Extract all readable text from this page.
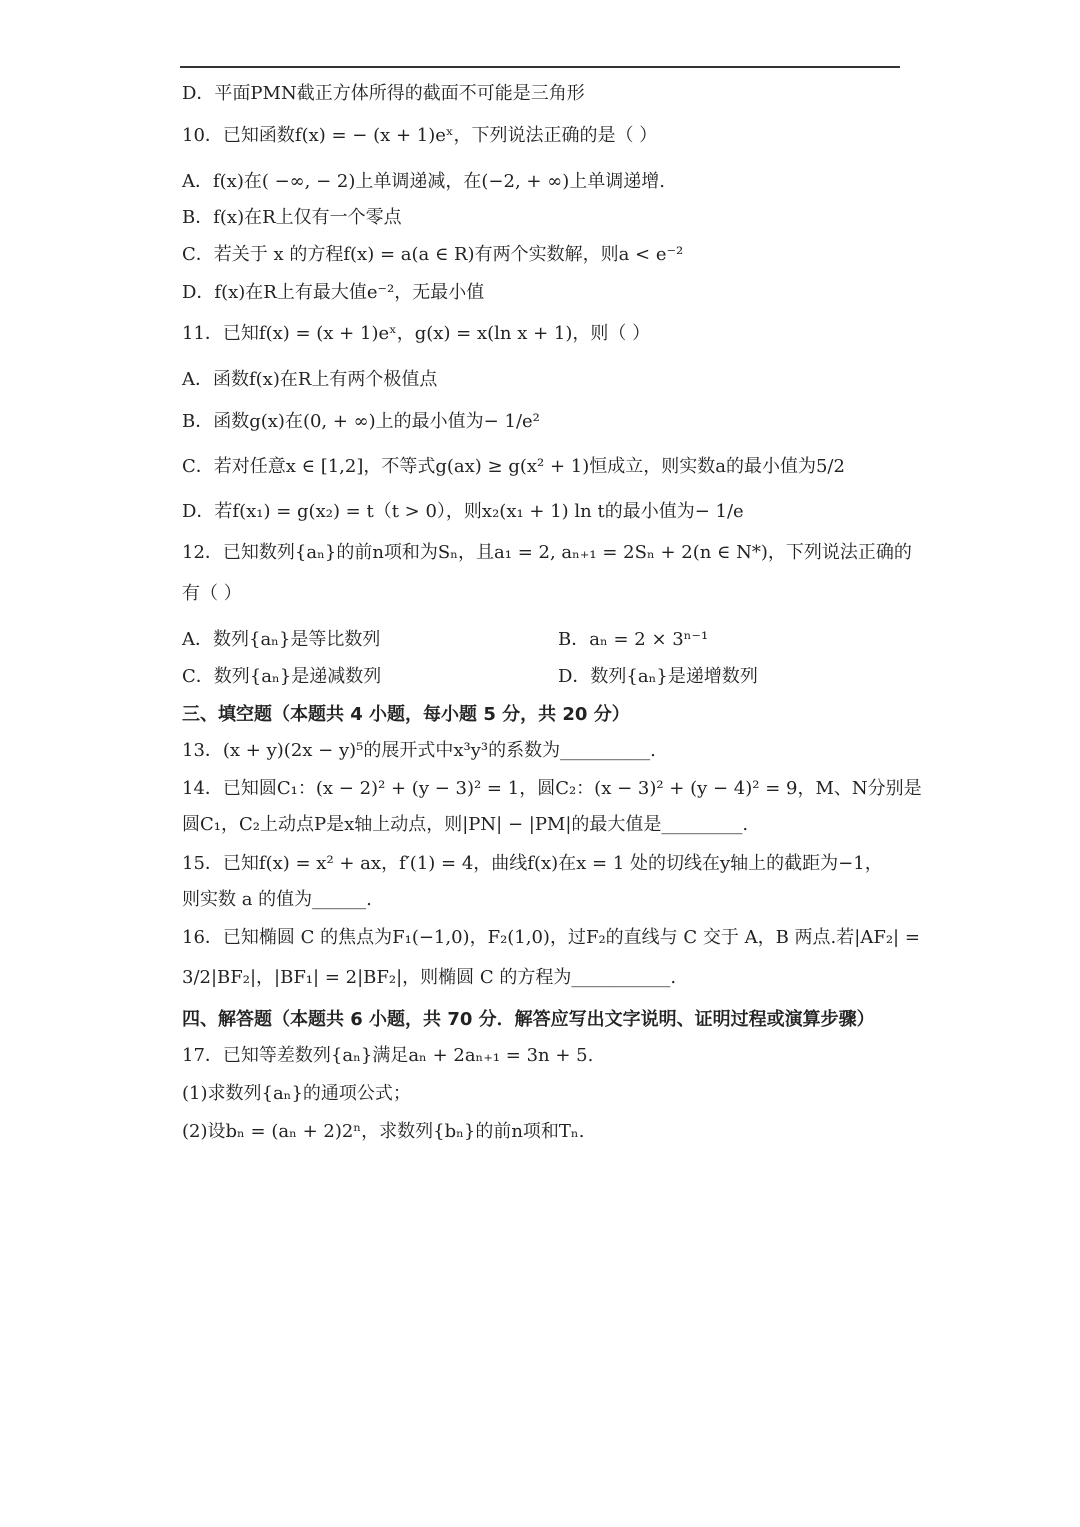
D．平面PMN截正方体所得的截面不可能是三角形
10．已知函数f(x) = − (x + 1)eˣ，下列说法正确的是（ ）
A．f(x)在( −∞, − 2)上单调递减，在(−2, + ∞)上单调递增.
B．f(x)在R上仅有一个零点
C．若关于 x 的方程f(x) = a(a ∈ R)有两个实数解，则a < e⁻²
D．f(x)在R上有最大值e⁻²，无最小值
11．已知f(x) = (x + 1)eˣ，g(x) = x(ln x + 1)，则（ ）
A．函数f(x)在R上有两个极值点
B．函数g(x)在(0, + ∞)上的最小值为− 1/e²
C．若对任意x ∈ [1,2]，不等式g(ax) ≥ g(x² + 1)恒成立，则实数a的最小值为5/2
D．若f(x₁) = g(x₂) = t（t > 0），则x₂(x₁ + 1) ln t的最小值为− 1/e
12．已知数列{aₙ}的前n项和为Sₙ，且a₁ = 2, aₙ₊₁ = 2Sₙ + 2(n ∈ N*)，下列说法正确的
有（ ）
A．数列{aₙ}是等比数列	B．aₙ = 2 × 3ⁿ⁻¹
C．数列{aₙ}是递减数列	D．数列{aₙ}是递增数列
三、填空题（本题共 4 小题，每小题 5 分，共 20 分）
13．(x + y)(2x − y)⁵的展开式中x³y³的系数为__________.
14．已知圆C₁：(x − 2)² + (y − 3)² = 1，圆C₂：(x − 3)² + (y − 4)² = 9，M、N分别是
圆C₁，C₂上动点P是x轴上动点，则|PN| − |PM|的最大值是_________.
15．已知f(x) = x² + ax，f′(1) = 4，曲线f(x)在x = 1 处的切线在y轴上的截距为−1，
则实数 a 的值为______.
16．已知椭圆 C 的焦点为F₁(−1,0)，F₂(1,0)，过F₂的直线与 C 交于 A，B 两点.若|AF₂| =
3/2|BF₂|，|BF₁| = 2|BF₂|，则椭圆 C 的方程为___________.
四、解答题（本题共 6 小题，共 70 分．解答应写出文字说明、证明过程或演算步骤）
17．已知等差数列{aₙ}满足aₙ + 2aₙ₊₁ = 3n + 5.
(1)求数列{aₙ}的通项公式；
(2)设bₙ = (aₙ + 2)2ⁿ，求数列{bₙ}的前n项和Tₙ.
